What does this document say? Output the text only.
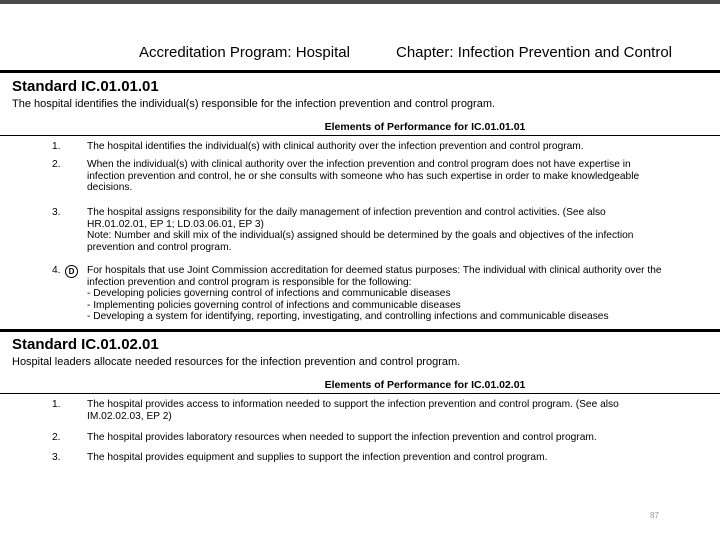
Accreditation Program: Hospital	Chapter: Infection Prevention and Control
Standard IC.01.01.01
The hospital identifies the individual(s) responsible for the infection prevention and control program.
Elements of Performance for IC.01.01.01
1.	The hospital identifies the individual(s) with clinical authority over the infection prevention and control program.
2.	When the individual(s) with clinical authority over the infection prevention and control program does not have expertise in
infection prevention and control, he or she consults with someone who has such expertise in order to make knowledgeable
decisions.
3.	The hospital assigns responsibility for the daily management of infection prevention and control activities. (See also
HR.01.02.01, EP 1; LD.03.06.01, EP 3)
Note: Number and skill mix of the individual(s) assigned should be determined by the goals and objectives of the infection
prevention and control program.
4.	D	For hospitals that use Joint Commission accreditation for deemed status purposes: The individual with clinical authority over the
infection prevention and control program is responsible for the following:
- Developing policies governing control of infections and communicable diseases
- Implementing policies governing control of infections and communicable diseases
- Developing a system for identifying, reporting, investigating, and controlling infections and communicable diseases
Standard IC.01.02.01
Hospital leaders allocate needed resources for the infection prevention and control program.
Elements of Performance for IC.01.02.01
1.	The hospital provides access to information needed to support the infection prevention and control program. (See also
IM.02.02.03, EP 2)
2.	The hospital provides laboratory resources when needed to support the infection prevention and control program.
3.	The hospital provides equipment and supplies to support the infection prevention and control program.
87
